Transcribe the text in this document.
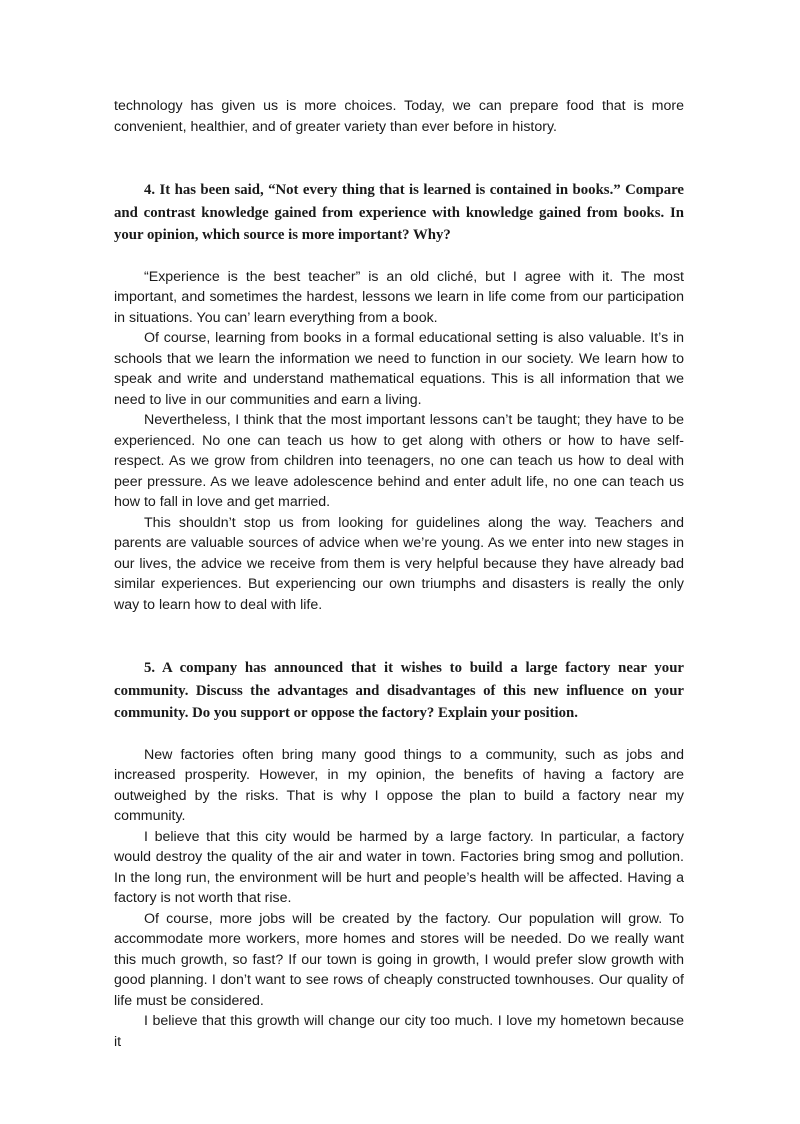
technology has given us is more choices. Today, we can prepare food that is more convenient, healthier, and of greater variety than ever before in history.

4. It has been said, “Not every thing that is learned is contained in books.” Compare and contrast knowledge gained from experience with knowledge gained from books. In your opinion, which source is more important? Why?

“Experience is the best teacher” is an old cliché, but I agree with it. The most important, and sometimes the hardest, lessons we learn in life come from our participation in situations. You can’ learn everything from a book.

Of course, learning from books in a formal educational setting is also valuable. It’s in schools that we learn the information we need to function in our society. We learn how to speak and write and understand mathematical equations. This is all information that we need to live in our communities and earn a living.

Nevertheless, I think that the most important lessons can’t be taught; they have to be experienced. No one can teach us how to get along with others or how to have self-respect. As we grow from children into teenagers, no one can teach us how to deal with peer pressure. As we leave adolescence behind and enter adult life, no one can teach us how to fall in love and get married.

This shouldn’t stop us from looking for guidelines along the way. Teachers and parents are valuable sources of advice when we’re young. As we enter into new stages in our lives, the advice we receive from them is very helpful because they have already bad similar experiences. But experiencing our own triumphs and disasters is really the only way to learn how to deal with life.

5. A company has announced that it wishes to build a large factory near your community. Discuss the advantages and disadvantages of this new influence on your community. Do you support or oppose the factory? Explain your position.

New factories often bring many good things to a community, such as jobs and increased prosperity. However, in my opinion, the benefits of having a factory are outweighed by the risks. That is why I oppose the plan to build a factory near my community.

I believe that this city would be harmed by a large factory. In particular, a factory would destroy the quality of the air and water in town. Factories bring smog and pollution. In the long run, the environment will be hurt and people’s health will be affected. Having a factory is not worth that rise.

Of course, more jobs will be created by the factory. Our population will grow. To accommodate more workers, more homes and stores will be needed. Do we really want this much growth, so fast? If our town is going in growth, I would prefer slow growth with good planning. I don’t want to see rows of cheaply constructed townhouses. Our quality of life must be considered.

I believe that this growth will change our city too much. I love my hometown because it
